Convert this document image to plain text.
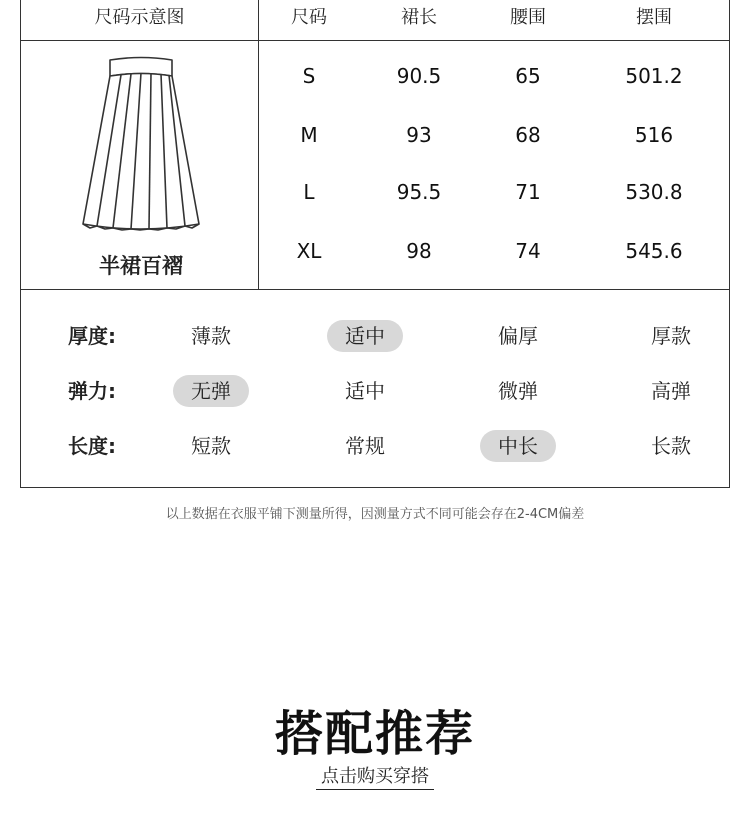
尺码示意图	尺码	裙长	腰围	摆围
半裙百褶
S	90.5	65	501.2
M	93	68	516
L	95.5	71	530.8
XL	98	74	545.6
厚度:	薄款	适中	偏厚	厚款
弹力:	无弹	适中	微弹	高弹
长度:	短款	常规	中长	长款
以上数据在衣服平铺下测量所得，因测量方式不同可能会存在2-4CM偏差
搭配推荐
点击购买穿搭
